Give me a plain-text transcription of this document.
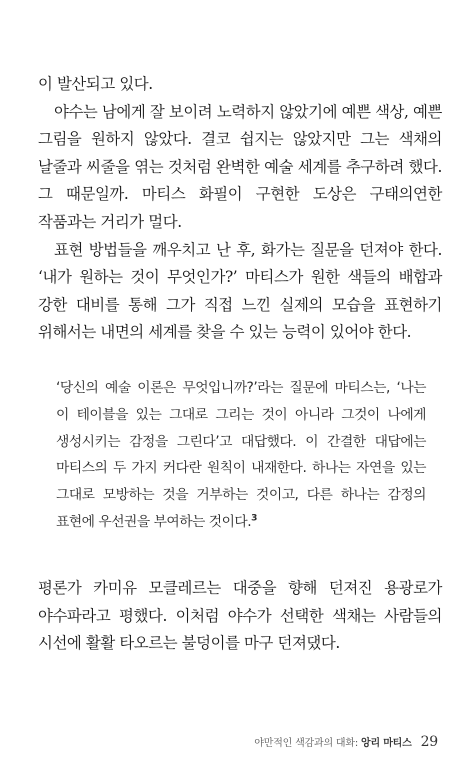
이 발산되고 있다.

야수는 남에게 잘 보이려 노력하지 않았기에 예쁜 색상, 예쁜 그림을 원하지 않았다. 결코 쉽지는 않았지만 그는 색채의 날줄과 씨줄을 엮는 것처럼 완벽한 예술 세계를 추구하려 했다. 그 때문일까. 마티스 화필이 구현한 도상은 구태의연한 작품과는 거리가 멀다.

표현 방법들을 깨우치고 난 후, 화가는 질문을 던져야 한다. ‘내가 원하는 것이 무엇인가?’ 마티스가 원한 색들의 배합과 강한 대비를 통해 그가 직접 느낀 실제의 모습을 표현하기 위해서는 내면의 세계를 찾을 수 있는 능력이 있어야 한다.

‘당신의 예술 이론은 무엇입니까?’라는 질문에 마티스는, ‘나는 이 테이블을 있는 그대로 그리는 것이 아니라 그것이 나에게 생성시키는 감정을 그린다’고 대답했다. 이 간결한 대답에는 마티스의 두 가지 커다란 원칙이 내재한다. 하나는 자연을 있는 그대로 모방하는 것을 거부하는 것이고, 다른 하나는 감정의 표현에 우선권을 부여하는 것이다.$^3$

평론가 카미유 모클레르는 대중을 향해 던져진 용광로가 야수파라고 평했다. 이처럼 야수가 선택한 색채는 사람들의 시선에 활활 타오르는 불덩이를 마구 던져댔다.

야만적인 색감과의 대화: 앙리 마티스 29
